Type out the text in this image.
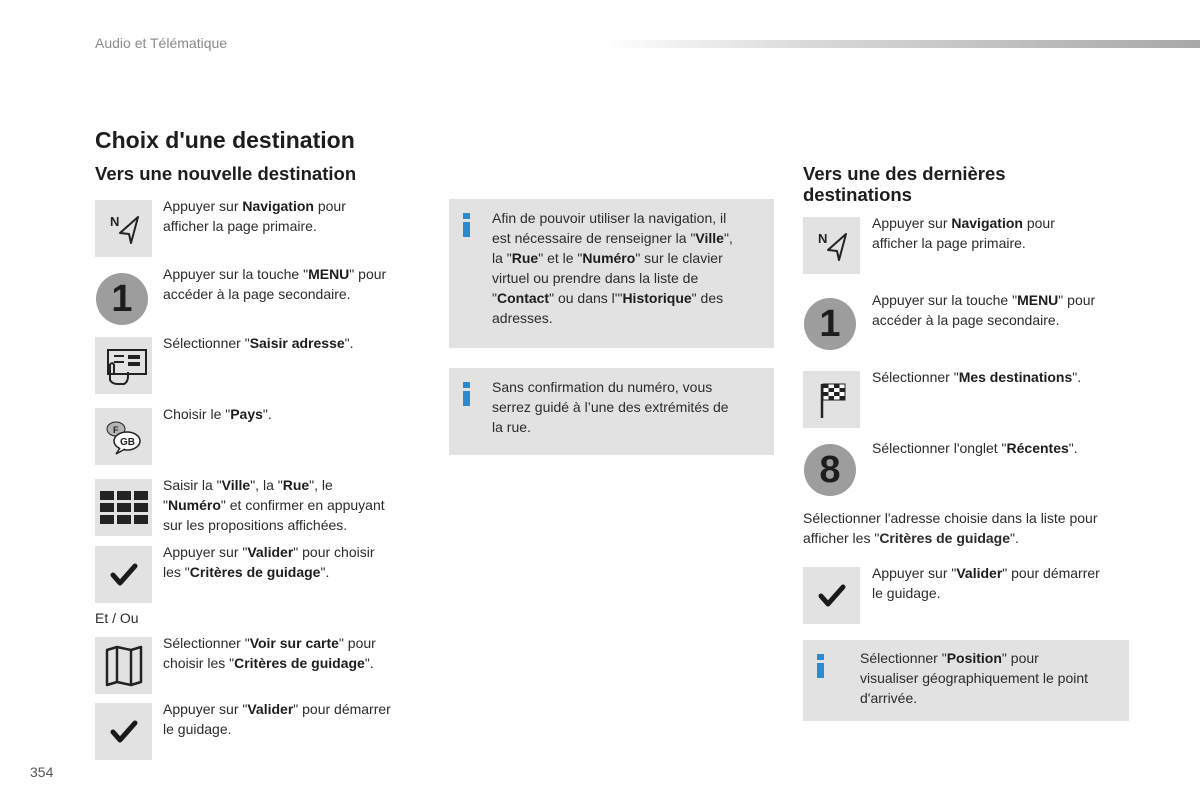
Audio et Télématique
Choix d'une destination
Vers une nouvelle destination
N
Appuyer sur Navigation pour
afficher la page primaire.
1
Appuyer sur la touche "MENU" pour
accéder à la page secondaire.
Sélectionner "Saisir adresse".
F
GB
Choisir le "Pays".
Saisir la "Ville", la "Rue", le
"Numéro" et confirmer en appuyant
sur les propositions affichées.
Appuyer sur "Valider" pour choisir
les "Critères de guidage".
Et / Ou
Sélectionner "Voir sur carte" pour
choisir les "Critères de guidage".
Appuyer sur "Valider" pour démarrer
le guidage.
Afin de pouvoir utiliser la navigation, il
est nécessaire de renseigner la "Ville",
la "Rue" et le "Numéro" sur le clavier
virtuel ou prendre dans la liste de
"Contact" ou dans l'"Historique" des
adresses.
Sans confirmation du numéro, vous
serrez guidé à l’une des extrémités de
la rue.
Vers une des dernières
destinations
N
Appuyer sur Navigation pour
afficher la page primaire.
1
Appuyer sur la touche "MENU" pour
accéder à la page secondaire.
Sélectionner "Mes destinations".
8
Sélectionner l'onglet "Récentes".
Sélectionner l'adresse choisie dans la liste pour
afficher les "Critères de guidage".
Appuyer sur "Valider" pour démarrer
le guidage.
Sélectionner "Position" pour
visualiser géographiquement le point
d'arrivée.
354
